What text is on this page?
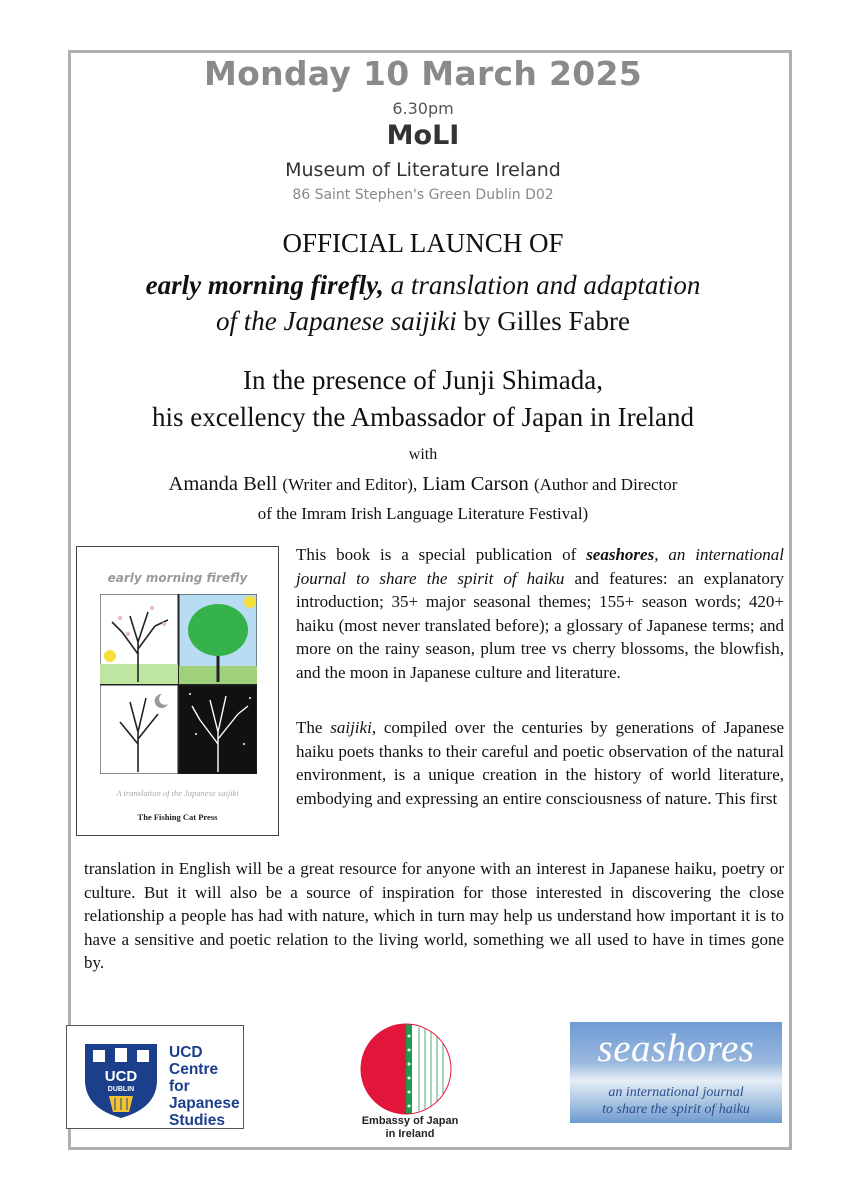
Monday 10 March 2025
6.30pm
MoLI
Museum of Literature Ireland
86 Saint Stephen's Green Dublin D02
OFFICIAL LAUNCH OF
early morning firefly, a translation and adaptation
of the Japanese saijiki by Gilles Fabre
In the presence of Junji Shimada,
his excellency the Ambassador of Japan in Ireland
with
Amanda Bell (Writer and Editor), Liam Carson (Author and Director
of the Imram Irish Language Literature Festival)
early morning firefly
A translation of the Japanese saijiki
The Fishing Cat Press
This book is a special publication of seashores, an international journal to share the spirit of haiku and features: an explanatory introduction; 35+ major seasonal themes; 155+ season words; 420+ haiku (most never translated before); a glossary of Japanese terms; and more on the rainy season, plum tree vs cherry blossoms, the blowfish, and the moon in Japanese culture and literature.
The saijiki, compiled over the centuries by generations of Japanese haiku poets thanks to their careful and poetic observation of the natural environment, is a unique creation in the history of world literature, embodying and expressing an entire consciousness of nature. This first
translation in English will be a great resource for anyone with an interest in Japanese haiku, poetry or culture. But it will also be a source of inspiration for those interested in discovering the close relationship a people has had with nature, which in turn may help us understand how important it is to have a sensitive and poetic relation to the living world, something we all used to have in times gone by.
UCD
DUBLIN
UCD
Centre for
Japanese
Studies	Embassy of Japan
in Ireland
seashores
an international journal
to share the spirit of haiku
